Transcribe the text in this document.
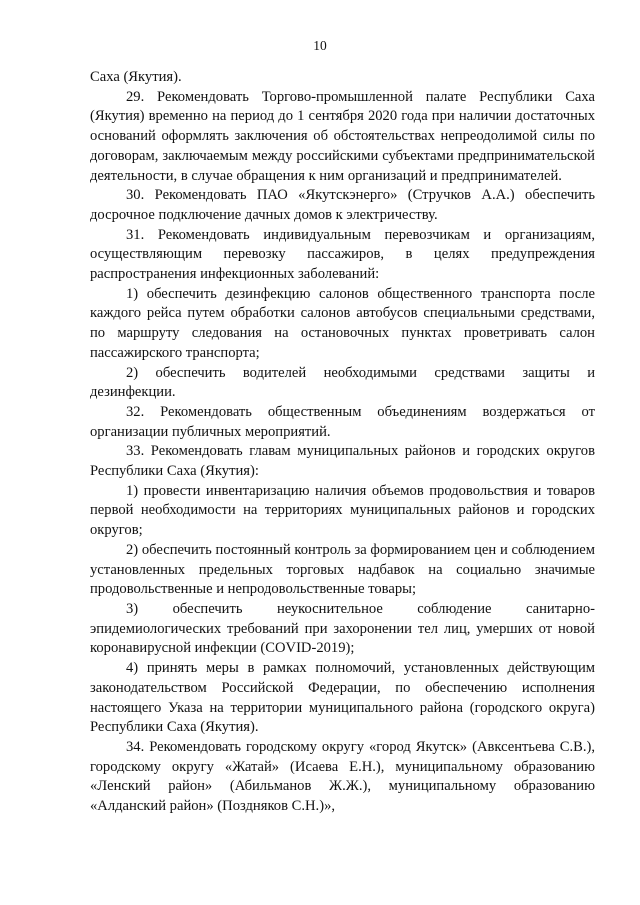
10

Саха (Якутия).

29. Рекомендовать Торгово-промышленной палате Республики Саха (Якутия) временно на период до 1 сентября 2020 года при наличии достаточных оснований оформлять заключения об обстоятельствах непреодолимой силы по договорам, заключаемым между российскими субъектами предпринимательской деятельности, в случае обращения к ним организаций и предпринимателей.

30. Рекомендовать ПАО «Якутскэнерго» (Стручков А.А.) обеспечить досрочное подключение дачных домов к электричеству.

31. Рекомендовать индивидуальным перевозчикам и организациям, осуществляющим перевозку пассажиров, в целях предупреждения распространения инфекционных заболеваний:

1) обеспечить дезинфекцию салонов общественного транспорта после каждого рейса путем обработки салонов автобусов специальными средствами, по маршруту следования на остановочных пунктах проветривать салон пассажирского транспорта;

2) обеспечить водителей необходимыми средствами защиты и дезинфекции.

32. Рекомендовать общественным объединениям воздержаться от организации публичных мероприятий.

33. Рекомендовать главам муниципальных районов и городских округов Республики Саха (Якутия):

1) провести инвентаризацию наличия объемов продовольствия и товаров первой необходимости на территориях муниципальных районов и городских округов;

2) обеспечить постоянный контроль за формированием цен и соблюдением установленных предельных торговых надбавок на социально значимые продовольственные и непродовольственные товары;

3) обеспечить неукоснительное соблюдение санитарно-эпидемиологических требований при захоронении тел лиц, умерших от новой коронавирусной инфекции (COVID-2019);

4) принять меры в рамках полномочий, установленных действующим законодательством Российской Федерации, по обеспечению исполнения настоящего Указа на территории муниципального района (городского округа) Республики Саха (Якутия).

34. Рекомендовать городскому округу «город Якутск» (Авксентьева С.В.), городскому округу «Жатай» (Исаева Е.Н.), муниципальному образованию «Ленский район» (Абильманов Ж.Ж.), муниципальному образованию «Алданский район» (Поздняков С.Н.)»,
